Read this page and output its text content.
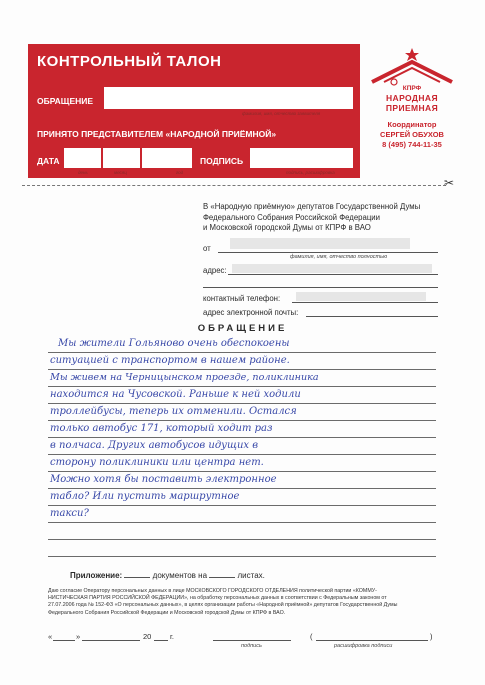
КОНТРОЛЬНЫЙ ТАЛОН
ОБРАЩЕНИЕ
фамилия, имя, отчество заявителя
ПРИНЯТО ПРЕДСТАВИТЕЛЕМ «НАРОДНОЙ ПРИЁМНОЙ»
ДАТА
день	месяц	год
ПОДПИСЬ
подпись, расшифровка
КПРФ
НАРОДНАЯ
ПРИЕМНАЯ
Координатор
СЕРГЕЙ ОБУХОВ
8 (495) 744-11-35
✂
В «Народную приёмную» депутатов Государственной Думы
Федерального Собрания Российской Федерации
и Московской городской Думы от КПРФ в ВАО
от
фамилия, имя, отчество полностью
адрес:
контактный телефон:
адрес электронной почты:
ОБРАЩЕНИЕ
Мы жители Гольяново очень обеспокоены
ситуацией с транспортом в нашем районе.
Мы живем на Черницынском проезде, поликлиника
находится на Чусовской. Раньше к ней ходили
троллейбусы, теперь их отменили. Осталcя
только автобус 171, который ходит раз
в полчаса. Других автобусов идущих в
сторону поликлиники или центра нет.
Можно хотя бы поставить электронное
табло? Или пустить маршрутное
такси?
Приложение:	документов на	листах.
Даю согласие Оператору персональных данных в лице МОСКОВСКОГО ГОРОДСКОГО ОТДЕЛЕНИЯ политической партии «КОММУ-
НИСТИЧЕСКАЯ ПАРТИЯ РОССИЙСКОЙ ФЕДЕРАЦИИ», на обработку персональных данных в соответствии с Федеральным законом от
27.07.2006 года № 152-ФЗ «О персональных данных», в целях организации работы «Народной приёмной» депутатов Государственной Думы
Федерального Собрания Российской Федерации и Московской городской Думы от КПРФ в ВАО.
«	»	20 г.
подпись
(	)
расшифровка подписи
